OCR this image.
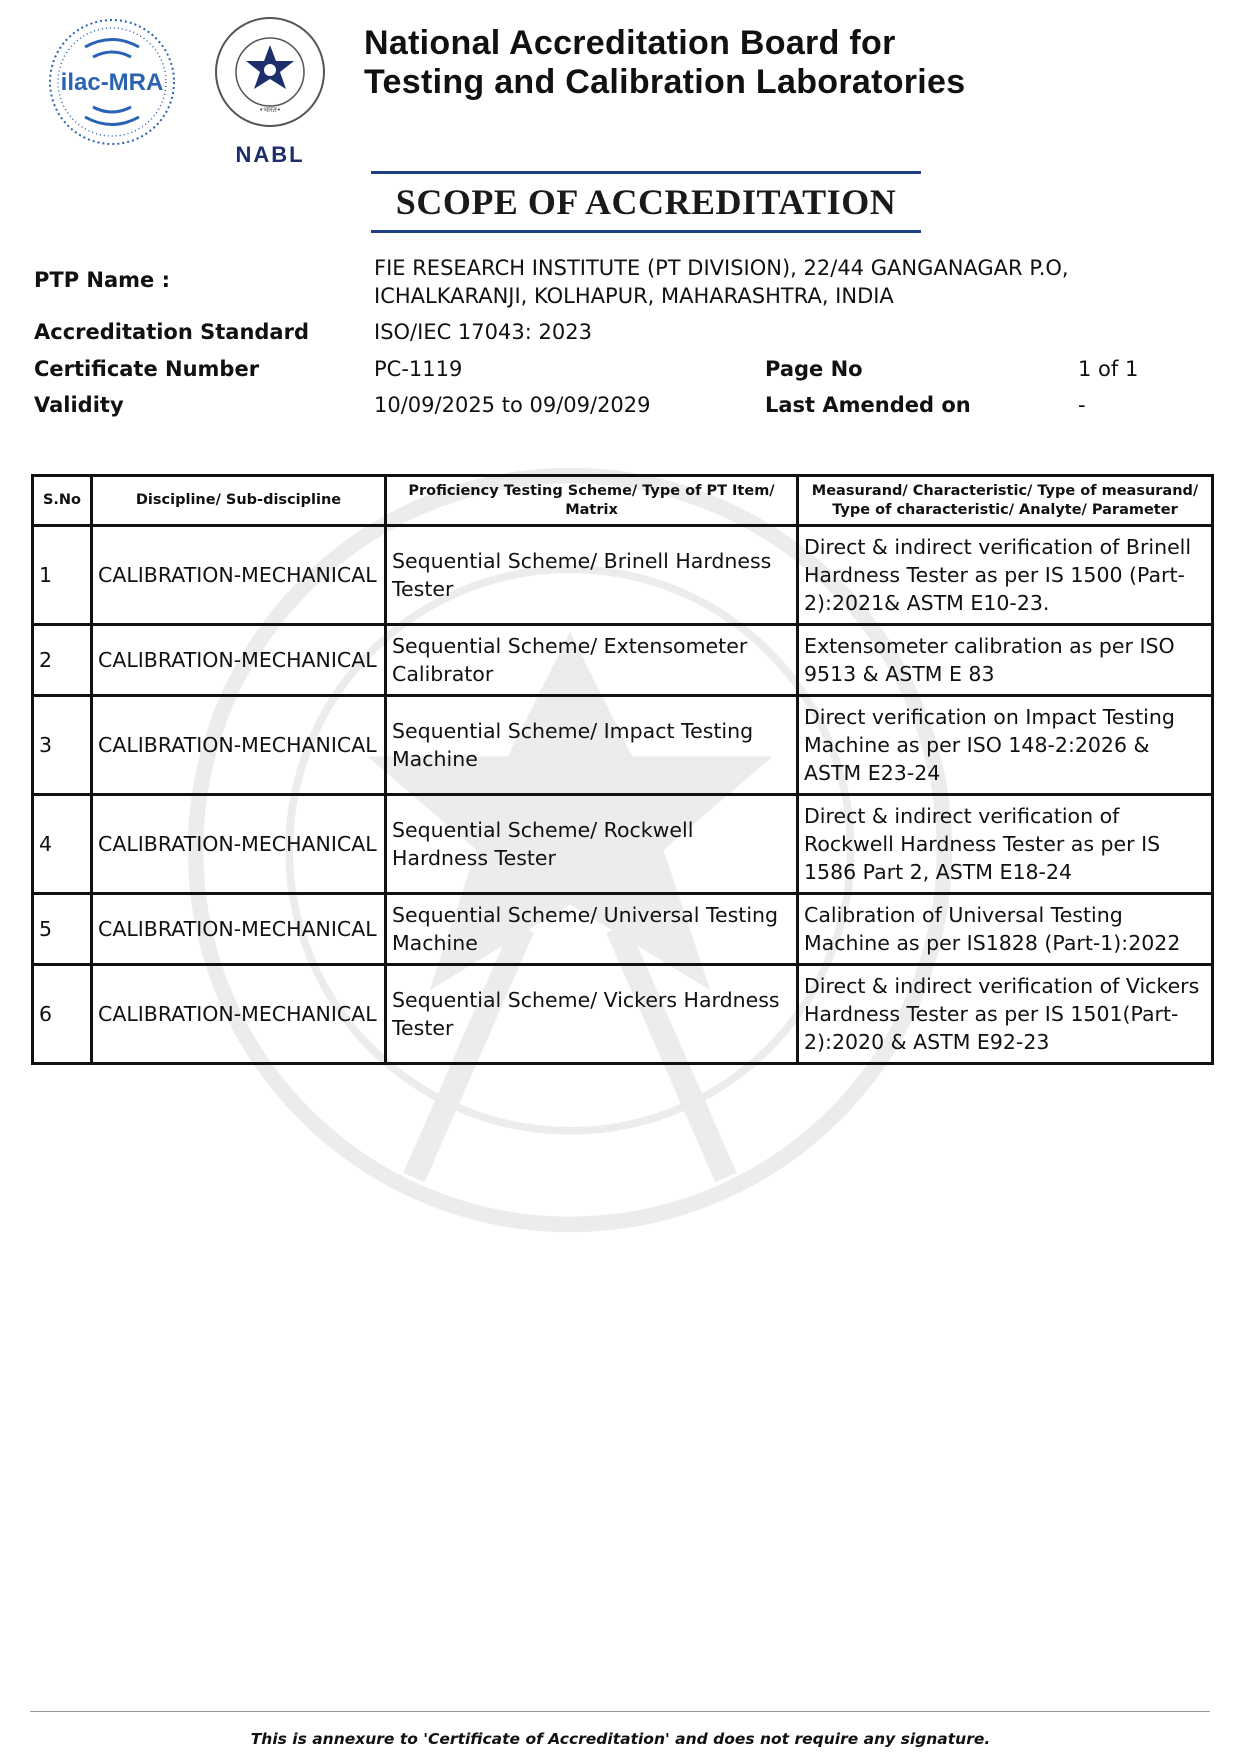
ilac-MRA
•भारत•
NABL
National Accreditation Board for
Testing and Calibration Laboratories
SCOPE OF ACCREDITATION
PTP Name :	FIE RESEARCH INSTITUTE (PT DIVISION), 22/44 GANGANAGAR P.O,
ICHALKARANJI, KOLHAPUR, MAHARASHTRA, INDIA
Accreditation Standard	ISO/IEC 17043: 2023
Certificate Number	PC-1119	Page No	1 of 1
Validity	10/09/2025 to 09/09/2029	Last Amended on	-
S.No	Discipline/ Sub-discipline	Proficiency Testing Scheme/ Type of PT Item/ Matrix	Measurand/ Characteristic/ Type of measurand/ Type of characteristic/ Analyte/ Parameter
1	CALIBRATION-MECHANICAL	Sequential Scheme/ Brinell Hardness Tester	Direct & indirect verification of Brinell Hardness Tester as per IS 1500 (Part-2):2021& ASTM E10-23.
2	CALIBRATION-MECHANICAL	Sequential Scheme/ Extensometer Calibrator	Extensometer calibration as per ISO 9513 & ASTM E 83
3	CALIBRATION-MECHANICAL	Sequential Scheme/ Impact Testing Machine	Direct verification on Impact Testing Machine as per ISO 148-2:2026 & ASTM E23-24
4	CALIBRATION-MECHANICAL	Sequential Scheme/ Rockwell Hardness Tester	Direct & indirect verification of Rockwell Hardness Tester as per IS 1586 Part 2, ASTM E18-24
5	CALIBRATION-MECHANICAL	Sequential Scheme/ Universal Testing Machine	Calibration of Universal Testing Machine as per IS1828 (Part-1):2022
6	CALIBRATION-MECHANICAL	Sequential Scheme/ Vickers Hardness Tester	Direct & indirect verification of Vickers Hardness Tester as per IS 1501(Part-2):2020 & ASTM E92-23
This is annexure to 'Certificate of Accreditation' and does not require any signature.
